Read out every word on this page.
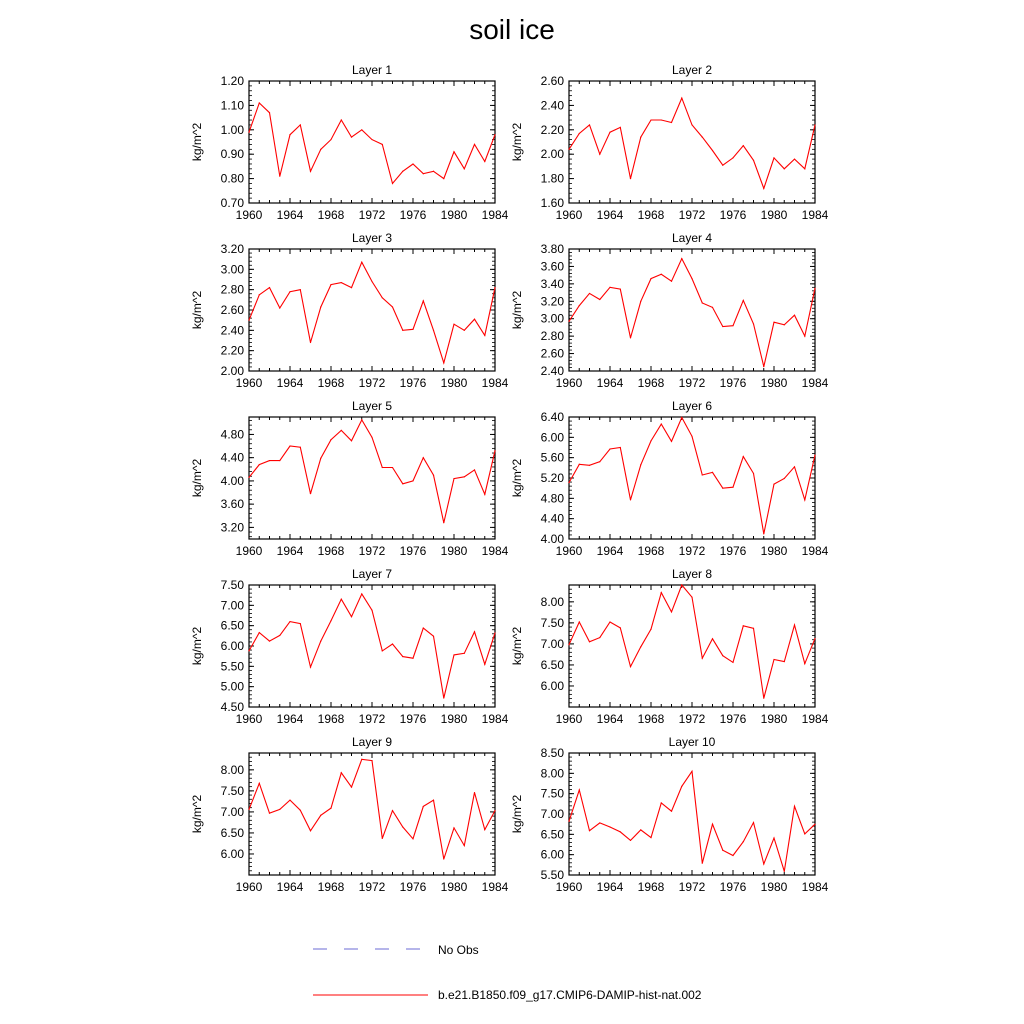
soil ice
1960 1964 1968 1972 1976 1980 1984
0.70
0.80
0.90
1.00
1.10
1.20
Layer 1
kg/m^2
1960 1964 1968 1972 1976 1980 1984
1.60
1.80
2.00
2.20
2.40
2.60
Layer 2
kg/m^2
1960 1964 1968 1972 1976 1980 1984
2.00
2.20
2.40
2.60
2.80
3.00
3.20
Layer 3
kg/m^2
1960 1964 1968 1972 1976 1980 1984
2.40
2.60
2.80
3.00
3.20
3.40
3.60
3.80
Layer 4
kg/m^2
1960 1964 1968 1972 1976 1980 1984
3.20
3.60
4.00
4.40
4.80
Layer 5
kg/m^2
1960 1964 1968 1972 1976 1980 1984
4.00
4.40
4.80
5.20
5.60
6.00
6.40
Layer 6
kg/m^2
1960 1964 1968 1972 1976 1980 1984
4.50
5.00
5.50
6.00
6.50
7.00
7.50
Layer 7
kg/m^2
1960 1964 1968 1972 1976 1980 1984
6.00
6.50
7.00
7.50
8.00
Layer 8
kg/m^2
1960 1964 1968 1972 1976 1980 1984
6.00
6.50
7.00
7.50
8.00
Layer 9
kg/m^2
1960 1964 1968 1972 1976 1980 1984
5.50
6.00
6.50
7.00
7.50
8.00
8.50
Layer 10
kg/m^2
No Obs
b.e21.B1850.f09_g17.CMIP6-DAMIP-hist-nat.002
